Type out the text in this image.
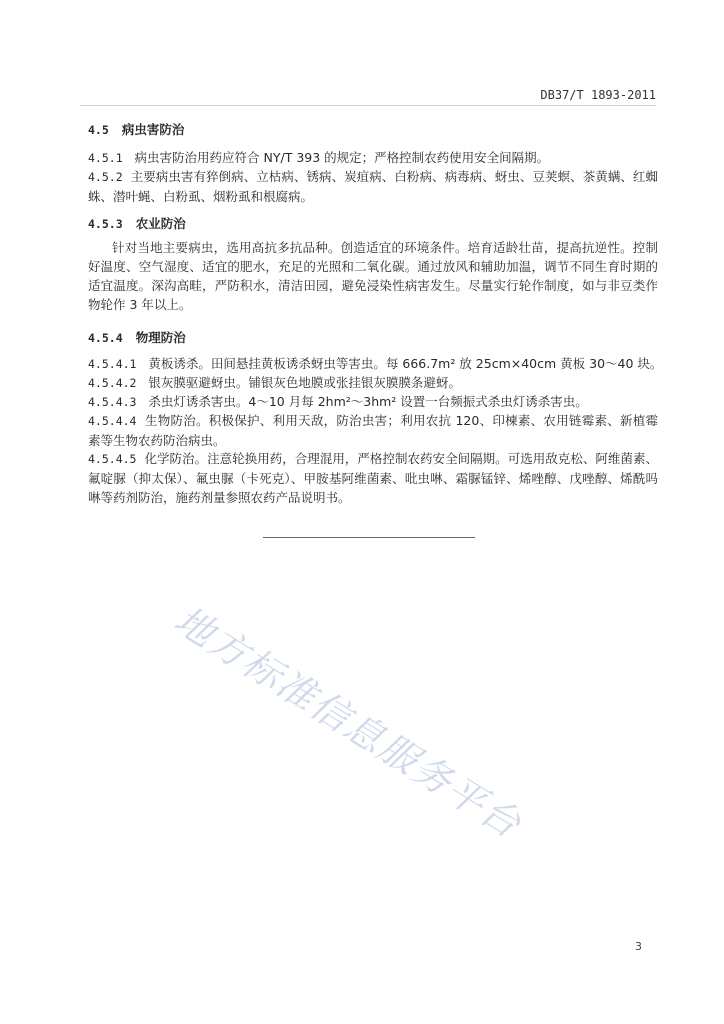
DB37/T 1893-2011
4.5 病虫害防治
4.5.1 病虫害防治用药应符合 NY/T 393 的规定；严格控制农药使用安全间隔期。
4.5.2 主要病虫害有猝倒病、立枯病、锈病、炭疽病、白粉病、病毒病、蚜虫、豆荚螟、茶黄螨、红蜘蛛、潜叶蝇、白粉虱、烟粉虱和根腐病。
4.5.3 农业防治
针对当地主要病虫，选用高抗多抗品种。创造适宜的环境条件。培育适龄壮苗，提高抗逆性。控制好温度、空气湿度、适宜的肥水，充足的光照和二氧化碳。通过放风和辅助加温，调节不同生育时期的适宜温度。深沟高畦，严防积水，清洁田园，避免浸染性病害发生。尽量实行轮作制度，如与非豆类作物轮作 3 年以上。
4.5.4 物理防治
4.5.4.1 黄板诱杀。田间悬挂黄板诱杀蚜虫等害虫。每 666.7m² 放 25cm×40cm 黄板 30～40 块。
4.5.4.2 银灰膜驱避蚜虫。铺银灰色地膜或张挂银灰膜膜条避蚜。
4.5.4.3 杀虫灯诱杀害虫。4～10 月每 2hm²～3hm² 设置一台频振式杀虫灯诱杀害虫。
4.5.4.4 生物防治。积极保护、利用天敌，防治虫害；利用农抗 120、印楝素、农用链霉素、新植霉素等生物农药防治病虫。
4.5.4.5 化学防治。注意轮换用药，合理混用，严格控制农药安全间隔期。可选用敌克松、阿维菌素、氟啶脲（抑太保）、氟虫脲（卡死克）、甲胺基阿维菌素、吡虫啉、霜脲锰锌、烯唑醇、戊唑醇、烯酰吗啉等药剂防治，施药剂量参照农药产品说明书。
地方标准信息服务平台
3
